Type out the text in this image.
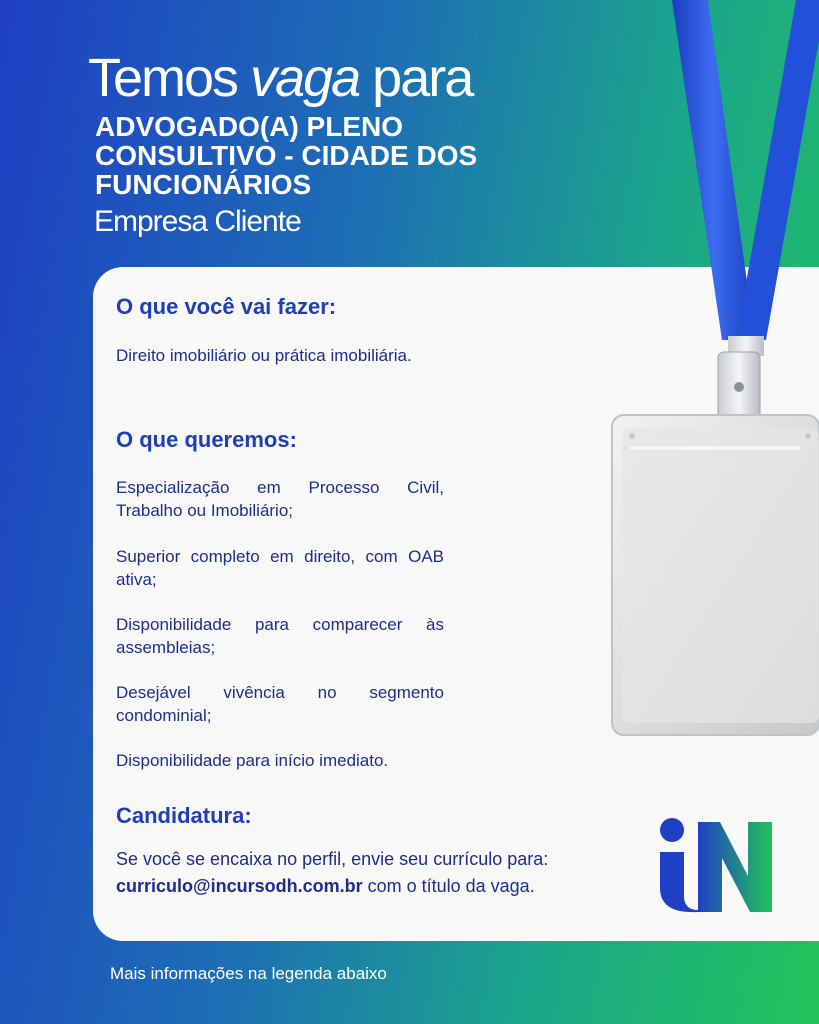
Temos vaga para
ADVOGADO(A) PLENO CONSULTIVO - CIDADE DOS FUNCIONÁRIOS
Empresa Cliente
O que você vai fazer:
Direito imobiliário ou prática imobiliária.
O que queremos:
Especialização em Processo Civil, Trabalho ou Imobiliário;
Superior completo em direito, com OAB ativa;
Disponibilidade para comparecer às assembleias;
Desejável vivência no segmento condominial;
Disponibilidade para início imediato.
Candidatura:
Se você se encaixa no perfil, envie seu currículo para: curriculo@incursodh.com.br com o título da vaga.
Mais informações na legenda abaixo
